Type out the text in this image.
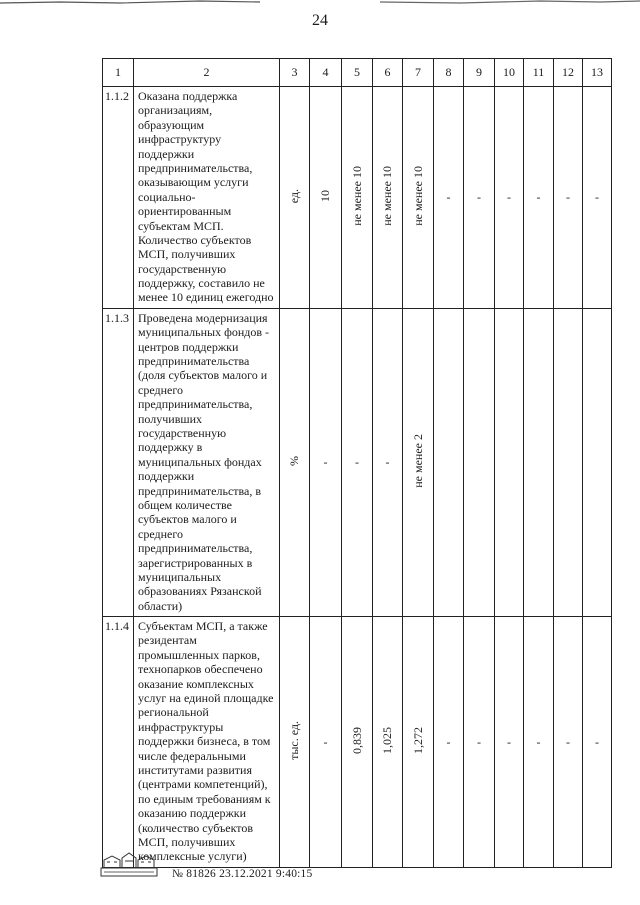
24
1	2	3	4	5	6	7	8	9	10	11	12	13
1.1.2	Оказана поддержка организациям, образующим инфраструктуру поддержки предпринимательства, оказывающим услуги социально-ориентированным субъектам МСП. Количество субъектов МСП, получивших государственную поддержку, составило не менее 10 единиц ежегодно	ед.	10	не менее 10	не менее 10	не менее 10	-	-	-	-	-	-
1.1.3	Проведена модернизация муниципальных фондов - центров поддержки предпринимательства (доля субъектов малого и среднего предпринимательства, получивших государственную поддержку в муниципальных фондах поддержки предпринимательства, в общем количестве субъектов малого и среднего предпринимательства, зарегистрированных в муниципальных образованиях Рязанской области)	%	-	-	-	не менее 2						
1.1.4	Субъектам МСП, а также резидентам промышленных парков, технопарков обеспечено оказание комплексных услуг на единой площадке региональной инфраструктуры поддержки бизнеса, в том числе федеральными институтами развития (центрами компетенций), по единым требованиям к оказанию поддержки (количество субъектов МСП, получивших комплексные услуги)	тыс. ед.	-	0,839	1,025	1,272	-	-	-	-	-	-
№ 81826 23.12.2021 9:40:15
